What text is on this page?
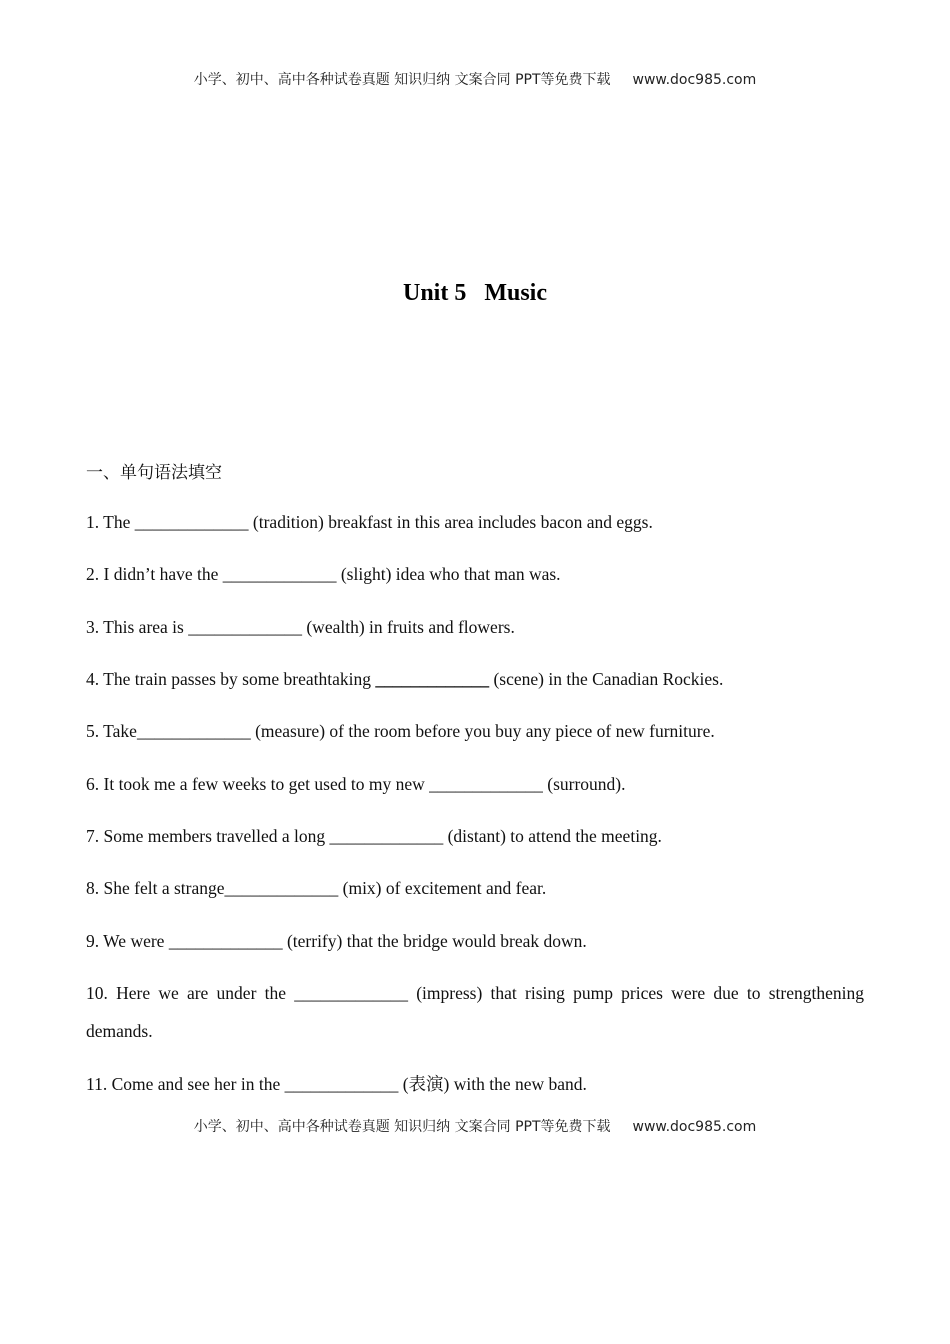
小学、初中、高中各种试卷真题 知识归纳 文案合同 PPT等免费下载 www.doc985.com
Unit 5   Music
一、单句语法填空
1. The _____________ (tradition) breakfast in this area includes bacon and eggs.
2. I didn’t have the _____________ (slight) idea who that man was.
3. This area is _____________ (wealth) in fruits and flowers.
4. The train passes by some breathtaking _____________ (scene) in the Canadian Rockies.
5. Take_____________ (measure) of the room before you buy any piece of new furniture.
6. It took me a few weeks to get used to my new _____________ (surround).
7. Some members travelled a long _____________ (distant) to attend the meeting.
8. She felt a strange_____________ (mix) of excitement and fear.
9. We were _____________ (terrify) that the bridge would break down.
10. Here we are under the _____________ (impress) that rising pump prices were due to strengthening demands.
11. Come and see her in the _____________ (表演) with the new band.
小学、初中、高中各种试卷真题 知识归纳 文案合同 PPT等免费下载 www.doc985.com
